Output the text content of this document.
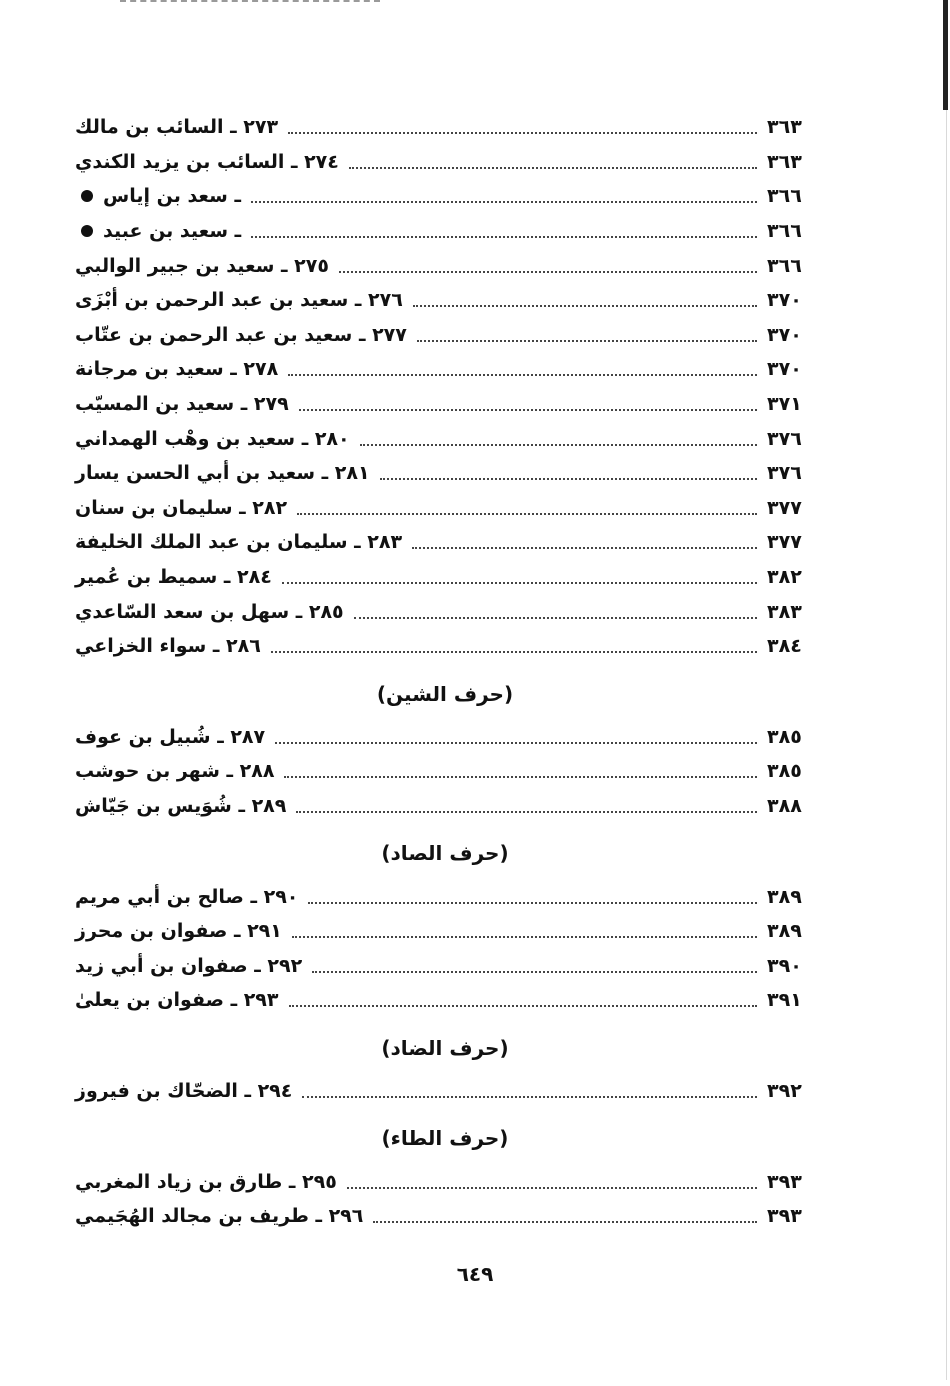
٢٧٣ ـ السائب بن مالك	٣٦٣
٢٧٤ ـ السائب بن يزيد الكندي	٣٦٣
ـ سعد بن إياس	٣٦٦
ـ سعيد بن عبيد	٣٦٦
٢٧٥ ـ سعيد بن جبير الوالبي	٣٦٦
٢٧٦ ـ سعيد بن عبد الرحمن بن أبْزَى	٣٧٠
٢٧٧ ـ سعيد بن عبد الرحمن بن عتّاب	٣٧٠
٢٧٨ ـ سعيد بن مرجانة	٣٧٠
٢٧٩ ـ سعيد بن المسيّب	٣٧١
٢٨٠ ـ سعيد بن وهْب الهمداني	٣٧٦
٢٨١ ـ سعيد بن أبي الحسن يسار	٣٧٦
٢٨٢ ـ سليمان بن سنان	٣٧٧
٢٨٣ ـ سليمان بن عبد الملك الخليفة	٣٧٧
٢٨٤ ـ سميط بن عُمير	٣٨٢
٢٨٥ ـ سهل بن سعد السّاعدي	٣٨٣
٢٨٦ ـ سواء الخزاعي	٣٨٤
(حرف الشين)
٢٨٧ ـ شُبيل بن عوف	٣٨٥
٢٨٨ ـ شهر بن حوشب	٣٨٥
٢٨٩ ـ شُوَيس بن جَيّاش	٣٨٨
(حرف الصاد)
٢٩٠ ـ صالح بن أبي مريم	٣٨٩
٢٩١ ـ صفوان بن محرز	٣٨٩
٢٩٢ ـ صفوان بن أبي زيد	٣٩٠
٢٩٣ ـ صفوان بن يعلىٰ	٣٩١
(حرف الضاد)
٢٩٤ ـ الضحّاك بن فيروز	٣٩٢
(حرف الطاء)
٢٩٥ ـ طارق بن زياد المغربي	٣٩٣
٢٩٦ ـ طريف بن مجالد الهُجَيمي	٣٩٣
٦٤٩
